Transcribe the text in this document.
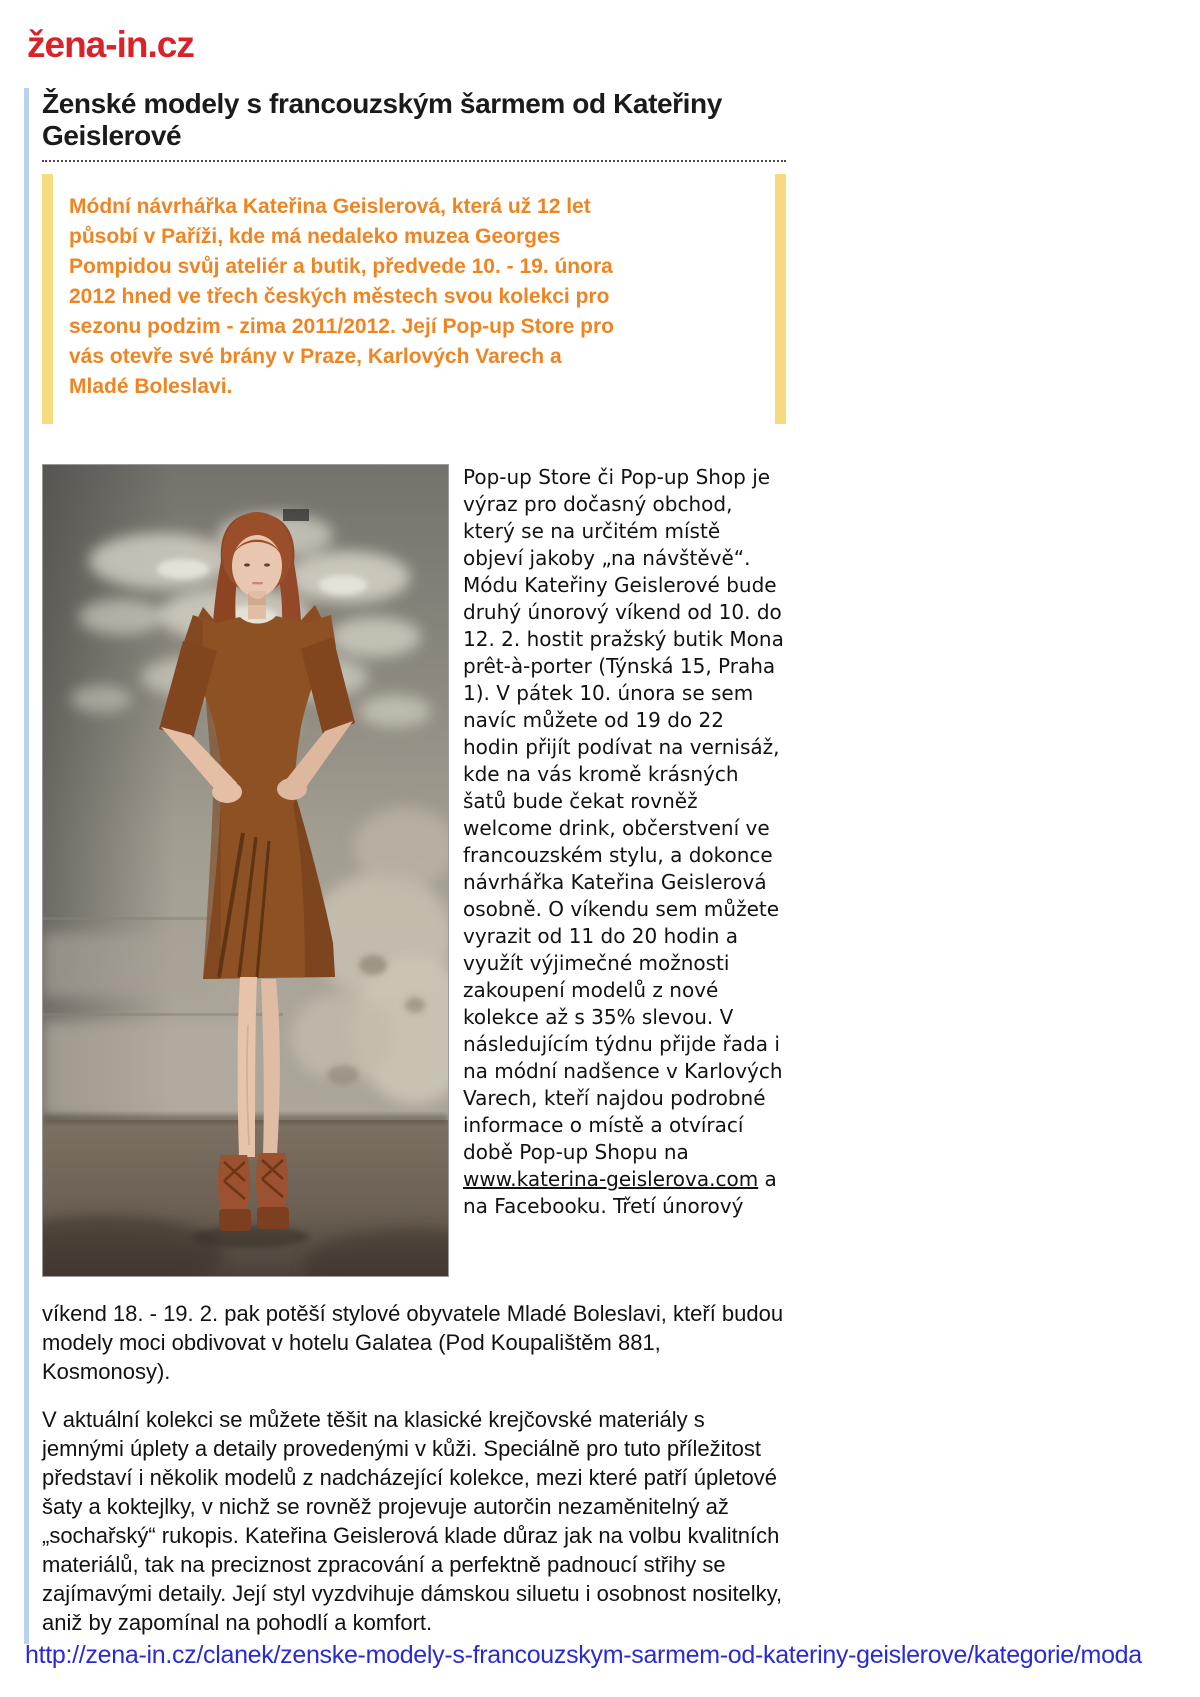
žena-in.cz
Ženské modely s francouzským šarmem od Kateřiny Geislerové

Módní návrhářka Kateřina Geislerová, která už 12 let působí v Paříži, kde má nedaleko muzea Georges Pompidou svůj ateliér a butik, předvede 10. - 19. února 2012 hned ve třech českých městech svou kolekci pro sezonu podzim - zima 2011/2012. Její Pop-up Store pro vás otevře své brány v Praze, Karlových Varech a Mladé Boleslavi.

Pop-up Store či Pop-up Shop je výraz pro dočasný obchod, který se na určitém místě objeví jakoby „na návštěvě“. Módu Kateřiny Geislerové bude druhý únorový víkend od 10. do 12. 2. hostit pražský butik Mona prêt-à-porter (Týnská 15, Praha 1). V pátek 10. února se sem navíc můžete od 19 do 22 hodin přijít podívat na vernisáž, kde na vás kromě krásných šatů bude čekat rovněž welcome drink, občerstvení ve francouzském stylu, a dokonce návrhářka Kateřina Geislerová osobně. O víkendu sem můžete vyrazit od 11 do 20 hodin a využít výjimečné možnosti zakoupení modelů z nové kolekce až s 35% slevou. V následujícím týdnu přijde řada i na módní nadšence v Karlových Varech, kteří najdou podrobné informace o místě a otvírací době Pop-up Shopu na www.katerina-geislerova.com a na Facebooku. Třetí únorový

víkend 18. - 19. 2. pak potěší stylové obyvatele Mladé Boleslavi, kteří budou modely moci obdivovat v hotelu Galatea (Pod Koupalištěm 881, Kosmonosy).

V aktuální kolekci se můžete těšit na klasické krejčovské materiály s jemnými úplety a detaily provedenými v kůži. Speciálně pro tuto příležitost představí i několik modelů z nadcházející kolekce, mezi které patří úpletové šaty a koktejlky, v nichž se rovněž projevuje autorčin nezaměnitelný až „sochařský“ rukopis. Kateřina Geislerová klade důraz jak na volbu kvalitních materiálů, tak na preciznost zpracování a perfektně padnoucí střihy se zajímavými detaily. Její styl vyzdvihuje dámskou siluetu i osobnost nositelky, aniž by zapomínal na pohodlí a komfort.

http://zena-in.cz/clanek/zenske-modely-s-francouzskym-sarmem-od-kateriny-geislerove/kategorie/moda
